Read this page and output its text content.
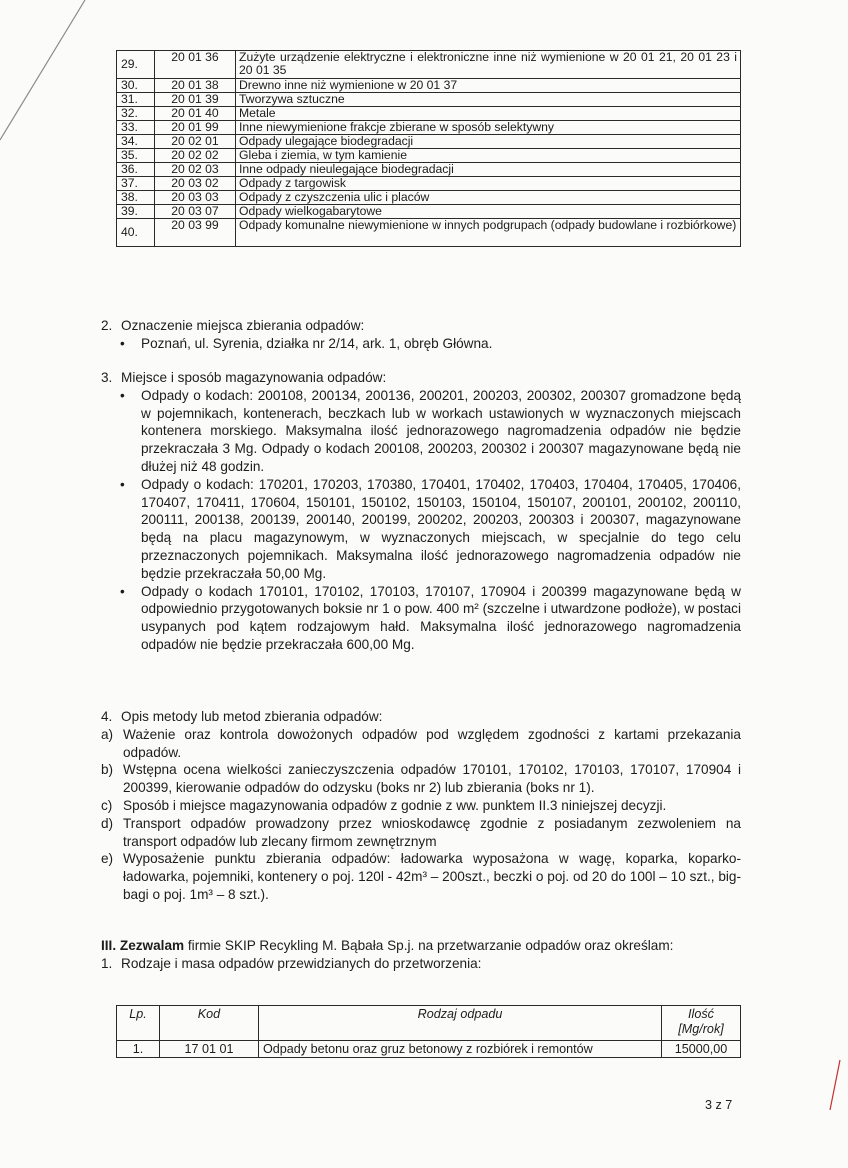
29.	20 01 36	Zużyte urządzenie elektryczne i elektroniczne inne niż wymienione w 20 01 21, 20 01 23 i 20 01 35
30.	20 01 38	Drewno inne niż wymienione w 20 01 37
31.	20 01 39	Tworzywa sztuczne
32.	20 01 40	Metale
33.	20 01 99	Inne niewymienione frakcje zbierane w sposób selektywny
34.	20 02 01	Odpady ulegające biodegradacji
35.	20 02 02	Gleba i ziemia, w tym kamienie
36.	20 02 03	Inne odpady nieulegające biodegradacji
37.	20 03 02	Odpady z targowisk
38.	20 03 03	Odpady z czyszczenia ulic i placów
39.	20 03 07	Odpady wielkogabarytowe
40.	20 03 99	Odpady komunalne niewymienione w innych podgrupach (odpady budowlane i rozbiórkowe)
2. Oznaczenie miejsca zbierania odpadów:
• Poznań, ul. Syrenia, działka nr 2/14, ark. 1, obręb Główna.
3. Miejsce i sposób magazynowania odpadów:
• Odpady o kodach: 200108, 200134, 200136, 200201, 200203, 200302, 200307 gromadzone będą w pojemnikach, kontenerach, beczkach lub w workach ustawionych w wyznaczonych miejscach kontenera morskiego. Maksymalna ilość jednorazowego nagromadzenia odpadów nie będzie przekraczała 3 Mg. Odpady o kodach 200108, 200203, 200302 i 200307 magazynowane będą nie dłużej niż 48 godzin.
• Odpady o kodach: 170201, 170203, 170380, 170401, 170402, 170403, 170404, 170405, 170406, 170407, 170411, 170604, 150101, 150102, 150103, 150104, 150107, 200101, 200102, 200110, 200111, 200138, 200139, 200140, 200199, 200202, 200203, 200303 i 200307, magazynowane będą na placu magazynowym, w wyznaczonych miejscach, w specjalnie do tego celu przeznaczonych pojemnikach. Maksymalna ilość jednorazowego nagromadzenia odpadów nie będzie przekraczała 50,00 Mg.
• Odpady o kodach 170101, 170102, 170103, 170107, 170904 i 200399 magazynowane będą w odpowiednio przygotowanych boksie nr 1 o pow. 400 m² (szczelne i utwardzone podłoże), w postaci usypanych pod kątem rodzajowym hałd. Maksymalna ilość jednorazowego nagromadzenia odpadów nie będzie przekraczała 600,00 Mg.
4. Opis metody lub metod zbierania odpadów:
a) Ważenie oraz kontrola dowożonych odpadów pod względem zgodności z kartami przekazania odpadów.
b) Wstępna ocena wielkości zanieczyszczenia odpadów 170101, 170102, 170103, 170107, 170904 i 200399, kierowanie odpadów do odzysku (boks nr 2) lub zbierania (boks nr 1).
c) Sposób i miejsce magazynowania odpadów z godnie z ww. punktem II.3 niniejszej decyzji.
d) Transport odpadów prowadzony przez wnioskodawcę zgodnie z posiadanym zezwoleniem na transport odpadów lub zlecany firmom zewnętrznym
e) Wyposażenie punktu zbierania odpadów: ładowarka wyposażona w wagę, koparka, koparko-ładowarka, pojemniki, kontenery o poj. 120l - 42m³ – 200szt., beczki o poj. od 20 do 100l – 10 szt., big-bagi o poj. 1m³ – 8 szt.).
III. Zezwalam firmie SKIP Recykling M. Bąbała Sp.j. na przetwarzanie odpadów oraz określam:
1. Rodzaje i masa odpadów przewidzianych do przetworzenia:
Lp.	Kod	Rodzaj odpadu	Ilość
[Mg/rok]
1.	17 01 01	Odpady betonu oraz gruz betonowy z rozbiórek i remontów	15000,00
3 z 7
